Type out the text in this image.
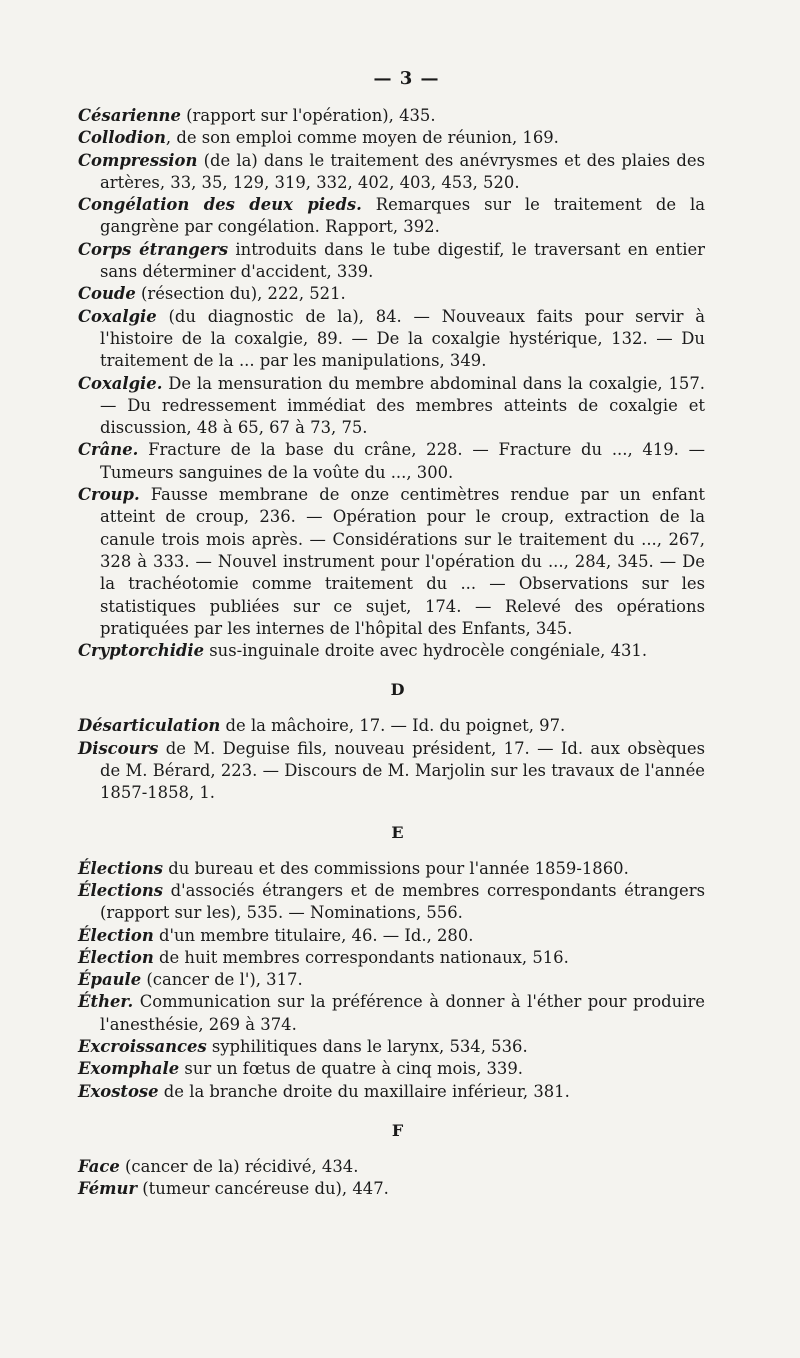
— 3 —
Césarienne (rapport sur l'opération), 435.
Collodion, de son emploi comme moyen de réunion, 169.
Compression (de la) dans le traitement des anévrysmes et des plaies des artères, 33, 35, 129, 319, 332, 402, 403, 453, 520.
Congélation des deux pieds. Remarques sur le traitement de la gangrène par congélation. Rapport, 392.
Corps étrangers introduits dans le tube digestif, le traversant en entier sans déterminer d'accident, 339.
Coude (résection du), 222, 521.
Coxalgie (du diagnostic de la), 84. — Nouveaux faits pour servir à l'histoire de la coxalgie, 89. — De la coxalgie hystérique, 132. — Du traitement de la ... par les manipulations, 349.
Coxalgie. De la mensuration du membre abdominal dans la coxalgie, 157. — Du redressement immédiat des membres atteints de coxalgie et discussion, 48 à 65, 67 à 73, 75.
Crâne. Fracture de la base du crâne, 228. — Fracture du ..., 419. — Tumeurs sanguines de la voûte du ..., 300.
Croup. Fausse membrane de onze centimètres rendue par un enfant atteint de croup, 236. — Opération pour le croup, extraction de la canule trois mois après. — Considérations sur le traitement du ..., 267, 328 à 333. — Nouvel instrument pour l'opération du ..., 284, 345. — De la trachéotomie comme traitement du ... — Observations sur les statistiques publiées sur ce sujet, 174. — Relevé des opérations pratiquées par les internes de l'hôpital des Enfants, 345.
Cryptorchidie sus-inguinale droite avec hydrocèle congéniale, 431.
D
Désarticulation de la mâchoire, 17. — Id. du poignet, 97.
Discours de M. Deguise fils, nouveau président, 17. — Id. aux obsèques de M. Bérard, 223. — Discours de M. Marjolin sur les travaux de l'année 1857-1858, 1.
E
Élections du bureau et des commissions pour l'année 1859-1860.
Élections d'associés étrangers et de membres correspondants étrangers (rapport sur les), 535. — Nominations, 556.
Élection d'un membre titulaire, 46. — Id., 280.
Élection de huit membres correspondants nationaux, 516.
Épaule (cancer de l'), 317.
Éther. Communication sur la préférence à donner à l'éther pour produire l'anesthésie, 269 à 374.
Excroissances syphilitiques dans le larynx, 534, 536.
Exomphale sur un fœtus de quatre à cinq mois, 339.
Exostose de la branche droite du maxillaire inférieur, 381.
F
Face (cancer de la) récidivé, 434.
Fémur (tumeur cancéreuse du), 447.
